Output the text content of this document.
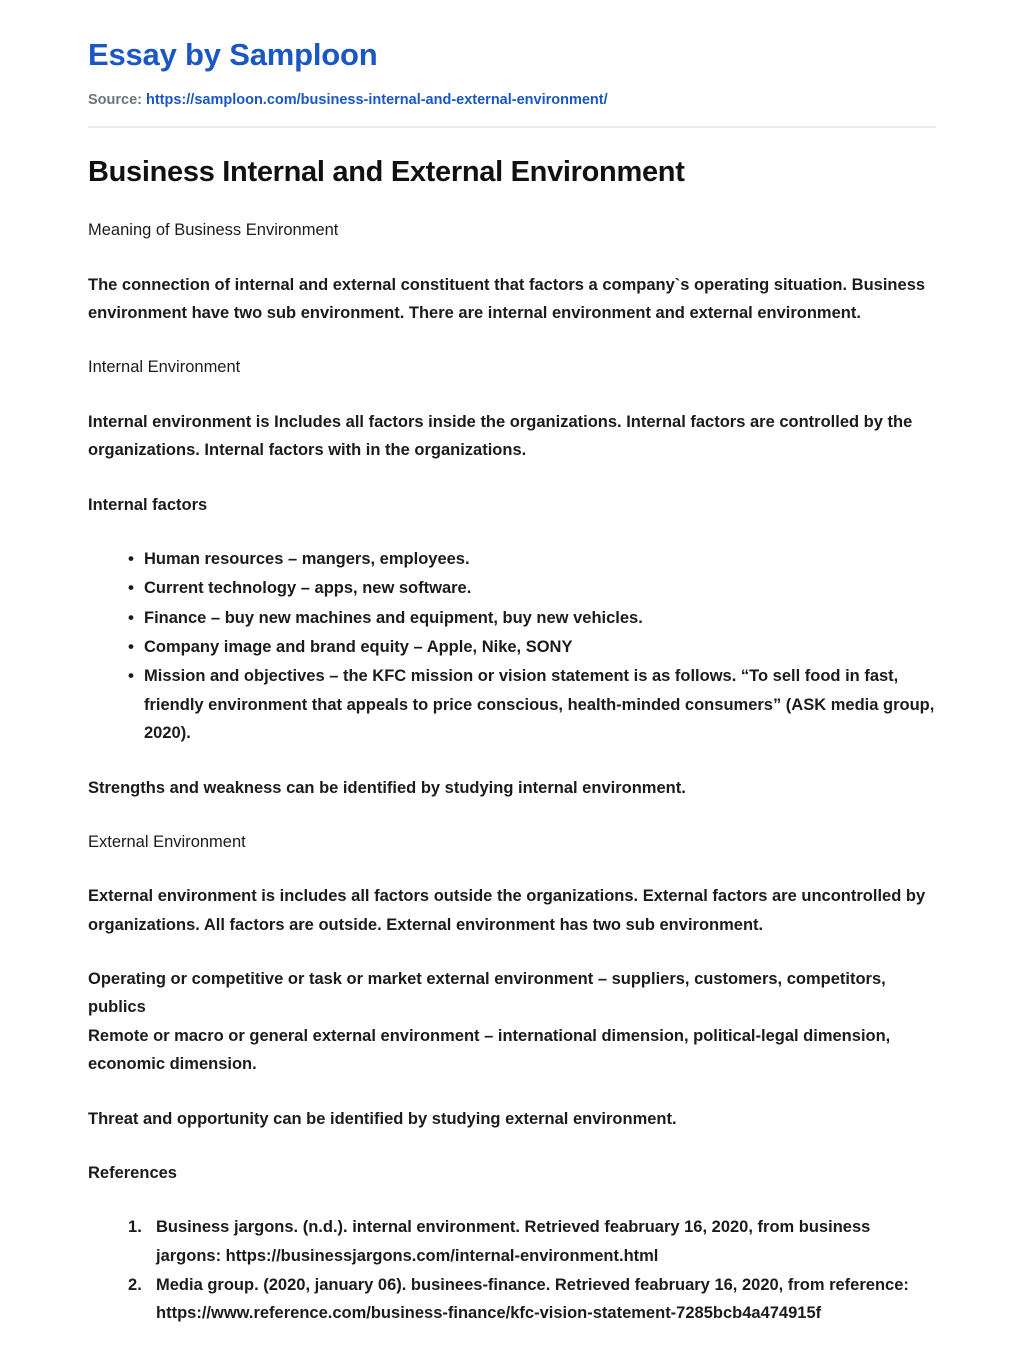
Essay by Samploon
Source: https://samploon.com/business-internal-and-external-environment/
Business Internal and External Environment

Meaning of Business Environment

The connection of internal and external constituent that factors a company`s operating situation. Business environment have two sub environment. There are internal environment and external environment.

Internal Environment

Internal environment is Includes all factors inside the organizations. Internal factors are controlled by the organizations. Internal factors with in the organizations.

Internal factors

• Human resources – mangers, employees.
• Current technology – apps, new software.
• Finance – buy new machines and equipment, buy new vehicles.
• Company image and brand equity – Apple, Nike, SONY
• Mission and objectives – the KFC mission or vision statement is as follows. “To sell food in fast, friendly environment that appeals to price conscious, health-minded consumers” (ASK media group, 2020).

Strengths and weakness can be identified by studying internal environment.

External Environment

External environment is includes all factors outside the organizations. External factors are uncontrolled by organizations. All factors are outside. External environment has two sub environment.

Operating or competitive or task or market external environment – suppliers, customers, competitors, publics
Remote or macro or general external environment – international dimension, political-legal dimension, economic dimension.

Threat and opportunity can be identified by studying external environment.

References

Business jargons. (n.d.). internal environment. Retrieved feabruary 16, 2020, from business jargons: https://businessjargons.com/internal-environment.html
Media group. (2020, january 06). businees-finance. Retrieved feabruary 16, 2020, from reference: https://www.reference.com/business-finance/kfc-vision-statement-7285bcb4a474915f
